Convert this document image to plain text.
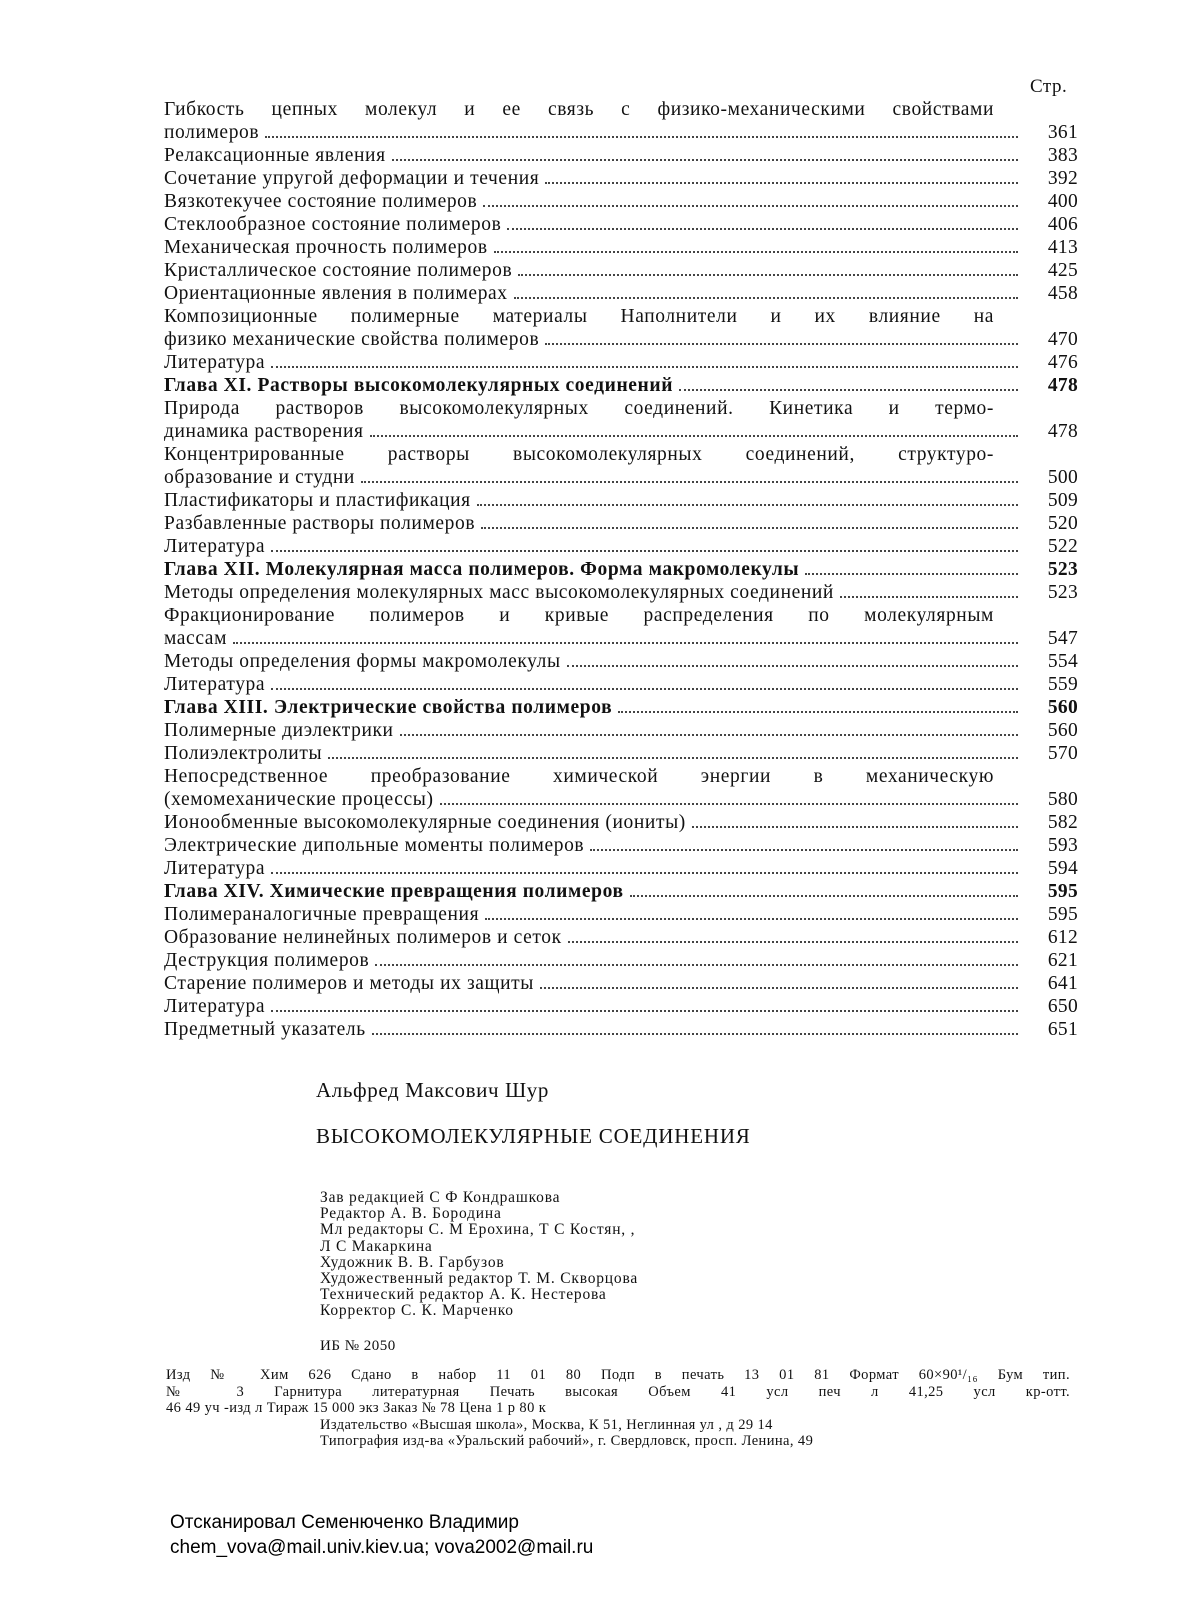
Стр.
Гибкость цепных молекул и ее связь с физико-механическими свойствами
полимеров	361
Релаксационные явления	383
Сочетание упругой деформации и течения	392
Вязкотекучее состояние полимеров	400
Стеклообразное состояние полимеров	406
Механическая прочность полимеров	413
Кристаллическое состояние полимеров	425
Ориентационные явления в полимерах	458
Композиционные полимерные материалы Наполнители и их влияние на
физико механические свойства полимеров	470
Литература	476
Глава XI. Растворы высокомолекулярных соединений	478
Природа растворов высокомолекулярных соединений. Кинетика и термо-
динамика растворения	478
Концентрированные растворы высокомолекулярных соединений, структуро-
образование и студни	500
Пластификаторы и пластификация	509
Разбавленные растворы полимеров	520
Литература	522
Глава XII. Молекулярная масса полимеров. Форма макромолекулы	523
Методы определения молекулярных масс высокомолекулярных соединений	523
Фракционирование полимеров и кривые распределения по молекулярным
массам	547
Методы определения формы макромолекулы	554
Литература	559
Глава XIII. Электрические свойства полимеров	560
Полимерные диэлектрики	560
Полиэлектролиты	570
Непосредственное преобразование химической энергии в механическую
(хемомеханические процессы)	580
Ионообменные высокомолекулярные соединения (иониты)	582
Электрические дипольные моменты полимеров	593
Литература	594
Глава XIV. Химические превращения полимеров	595
Полимераналогичные превращения	595
Образование нелинейных полимеров и сеток	612
Деструкция полимеров	621
Старение полимеров и методы их защиты	641
Литература	650
Предметный указатель	651
Альфред Максович Шур
ВЫСОКОМОЛЕКУЛЯРНЫЕ СОЕДИНЕНИЯ
Зав редакцией С Ф Кондрашкова
Редактор А. В. Бородина
Мл редакторы С. М Ерохина, Т С Костян, ,
Л С Макаркина
Художник В. В. Гарбузов
Художественный редактор Т. М. Скворцова
Технический редактор А. К. Нестерова
Корректор С. К. Марченко
ИБ № 2050
Изд № Хим 626 Сдано в набор 11 01 80 Подп в печать 13 01 81 Формат 60×90¹/₁₆ Бум тип.
№ 3 Гарнитура литературная Печать высокая Объем 41 усл печ л 41,25 усл кр-отт.
46 49 уч -изд л Тираж 15 000 экз Заказ № 78 Цена 1 р 80 к
Издательство «Высшая школа», Москва, К 51, Неглинная ул , д 29 14
Типография изд-ва «Уральский рабочий», г. Свердловск, просп. Ленина, 49
Отсканировал Семенюченко Владимир
chem_vova@mail.univ.kiev.ua; vova2002@mail.ru
